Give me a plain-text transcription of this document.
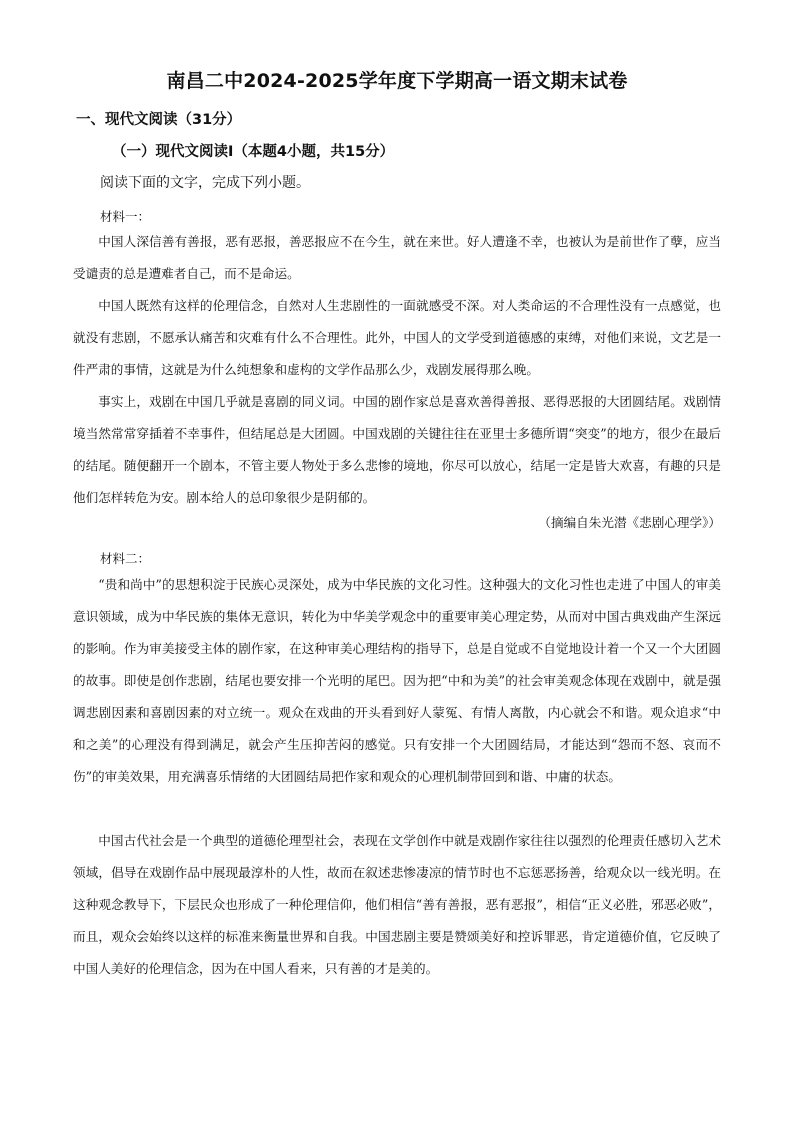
南昌二中2024-2025学年度下学期高一语文期末试卷
一、现代文阅读（31分）
（一）现代文阅读Ⅰ（本题4小题，共15分）
阅读下面的文字，完成下列小题。
材料一：
中国人深信善有善报，恶有恶报，善恶报应不在今生，就在来世。好人遭逢不幸，也被认为是前世作了孽，应当受谴责的总是遭难者自己，而不是命运。
中国人既然有这样的伦理信念，自然对人生悲剧性的一面就感受不深。对人类命运的不合理性没有一点感觉，也就没有悲剧，不愿承认痛苦和灾难有什么不合理性。此外，中国人的文学受到道德感的束缚，对他们来说，文艺是一件严肃的事情，这就是为什么纯想象和虚构的文学作品那么少，戏剧发展得那么晚。
事实上，戏剧在中国几乎就是喜剧的同义词。中国的剧作家总是喜欢善得善报、恶得恶报的大团圆结尾。戏剧情境当然常常穿插着不幸事件，但结尾总是大团圆。中国戏剧的关键往往在亚里士多德所谓“突变”的地方，很少在最后的结尾。随便翻开一个剧本，不管主要人物处于多么悲惨的境地，你尽可以放心，结尾一定是皆大欢喜，有趣的只是他们怎样转危为安。剧本给人的总印象很少是阴郁的。
（摘编自朱光潜《悲剧心理学》）
材料二：
“贵和尚中”的思想积淀于民族心灵深处，成为中华民族的文化习性。这种强大的文化习性也走进了中国人的审美意识领域，成为中华民族的集体无意识，转化为中华美学观念中的重要审美心理定势，从而对中国古典戏曲产生深远的影响。作为审美接受主体的剧作家，在这种审美心理结构的指导下，总是自觉或不自觉地设计着一个又一个大团圆的故事。即使是创作悲剧，结尾也要安排一个光明的尾巴。因为把“中和为美”的社会审美观念体现在戏剧中，就是强调悲剧因素和喜剧因素的对立统一。观众在戏曲的开头看到好人蒙冤、有情人离散，内心就会不和谐。观众追求“中和之美”的心理没有得到满足，就会产生压抑苦闷的感觉。只有安排一个大团圆结局，才能达到“怨而不怒、哀而不伤”的审美效果，用充满喜乐情绪的大团圆结局把作家和观众的心理机制带回到和谐、中庸的状态。
中国古代社会是一个典型的道德伦理型社会，表现在文学创作中就是戏剧作家往往以强烈的伦理责任感切入艺术领域，倡导在戏剧作品中展现最淳朴的人性，故而在叙述悲惨凄凉的情节时也不忘惩恶扬善，给观众以一线光明。在这种观念教导下，下层民众也形成了一种伦理信仰，他们相信“善有善报，恶有恶报”，相信“正义必胜，邪恶必败”，而且，观众会始终以这样的标准来衡量世界和自我。中国悲剧主要是赞颂美好和控诉罪恶，肯定道德价值，它反映了中国人美好的伦理信念，因为在中国人看来，只有善的才是美的。
